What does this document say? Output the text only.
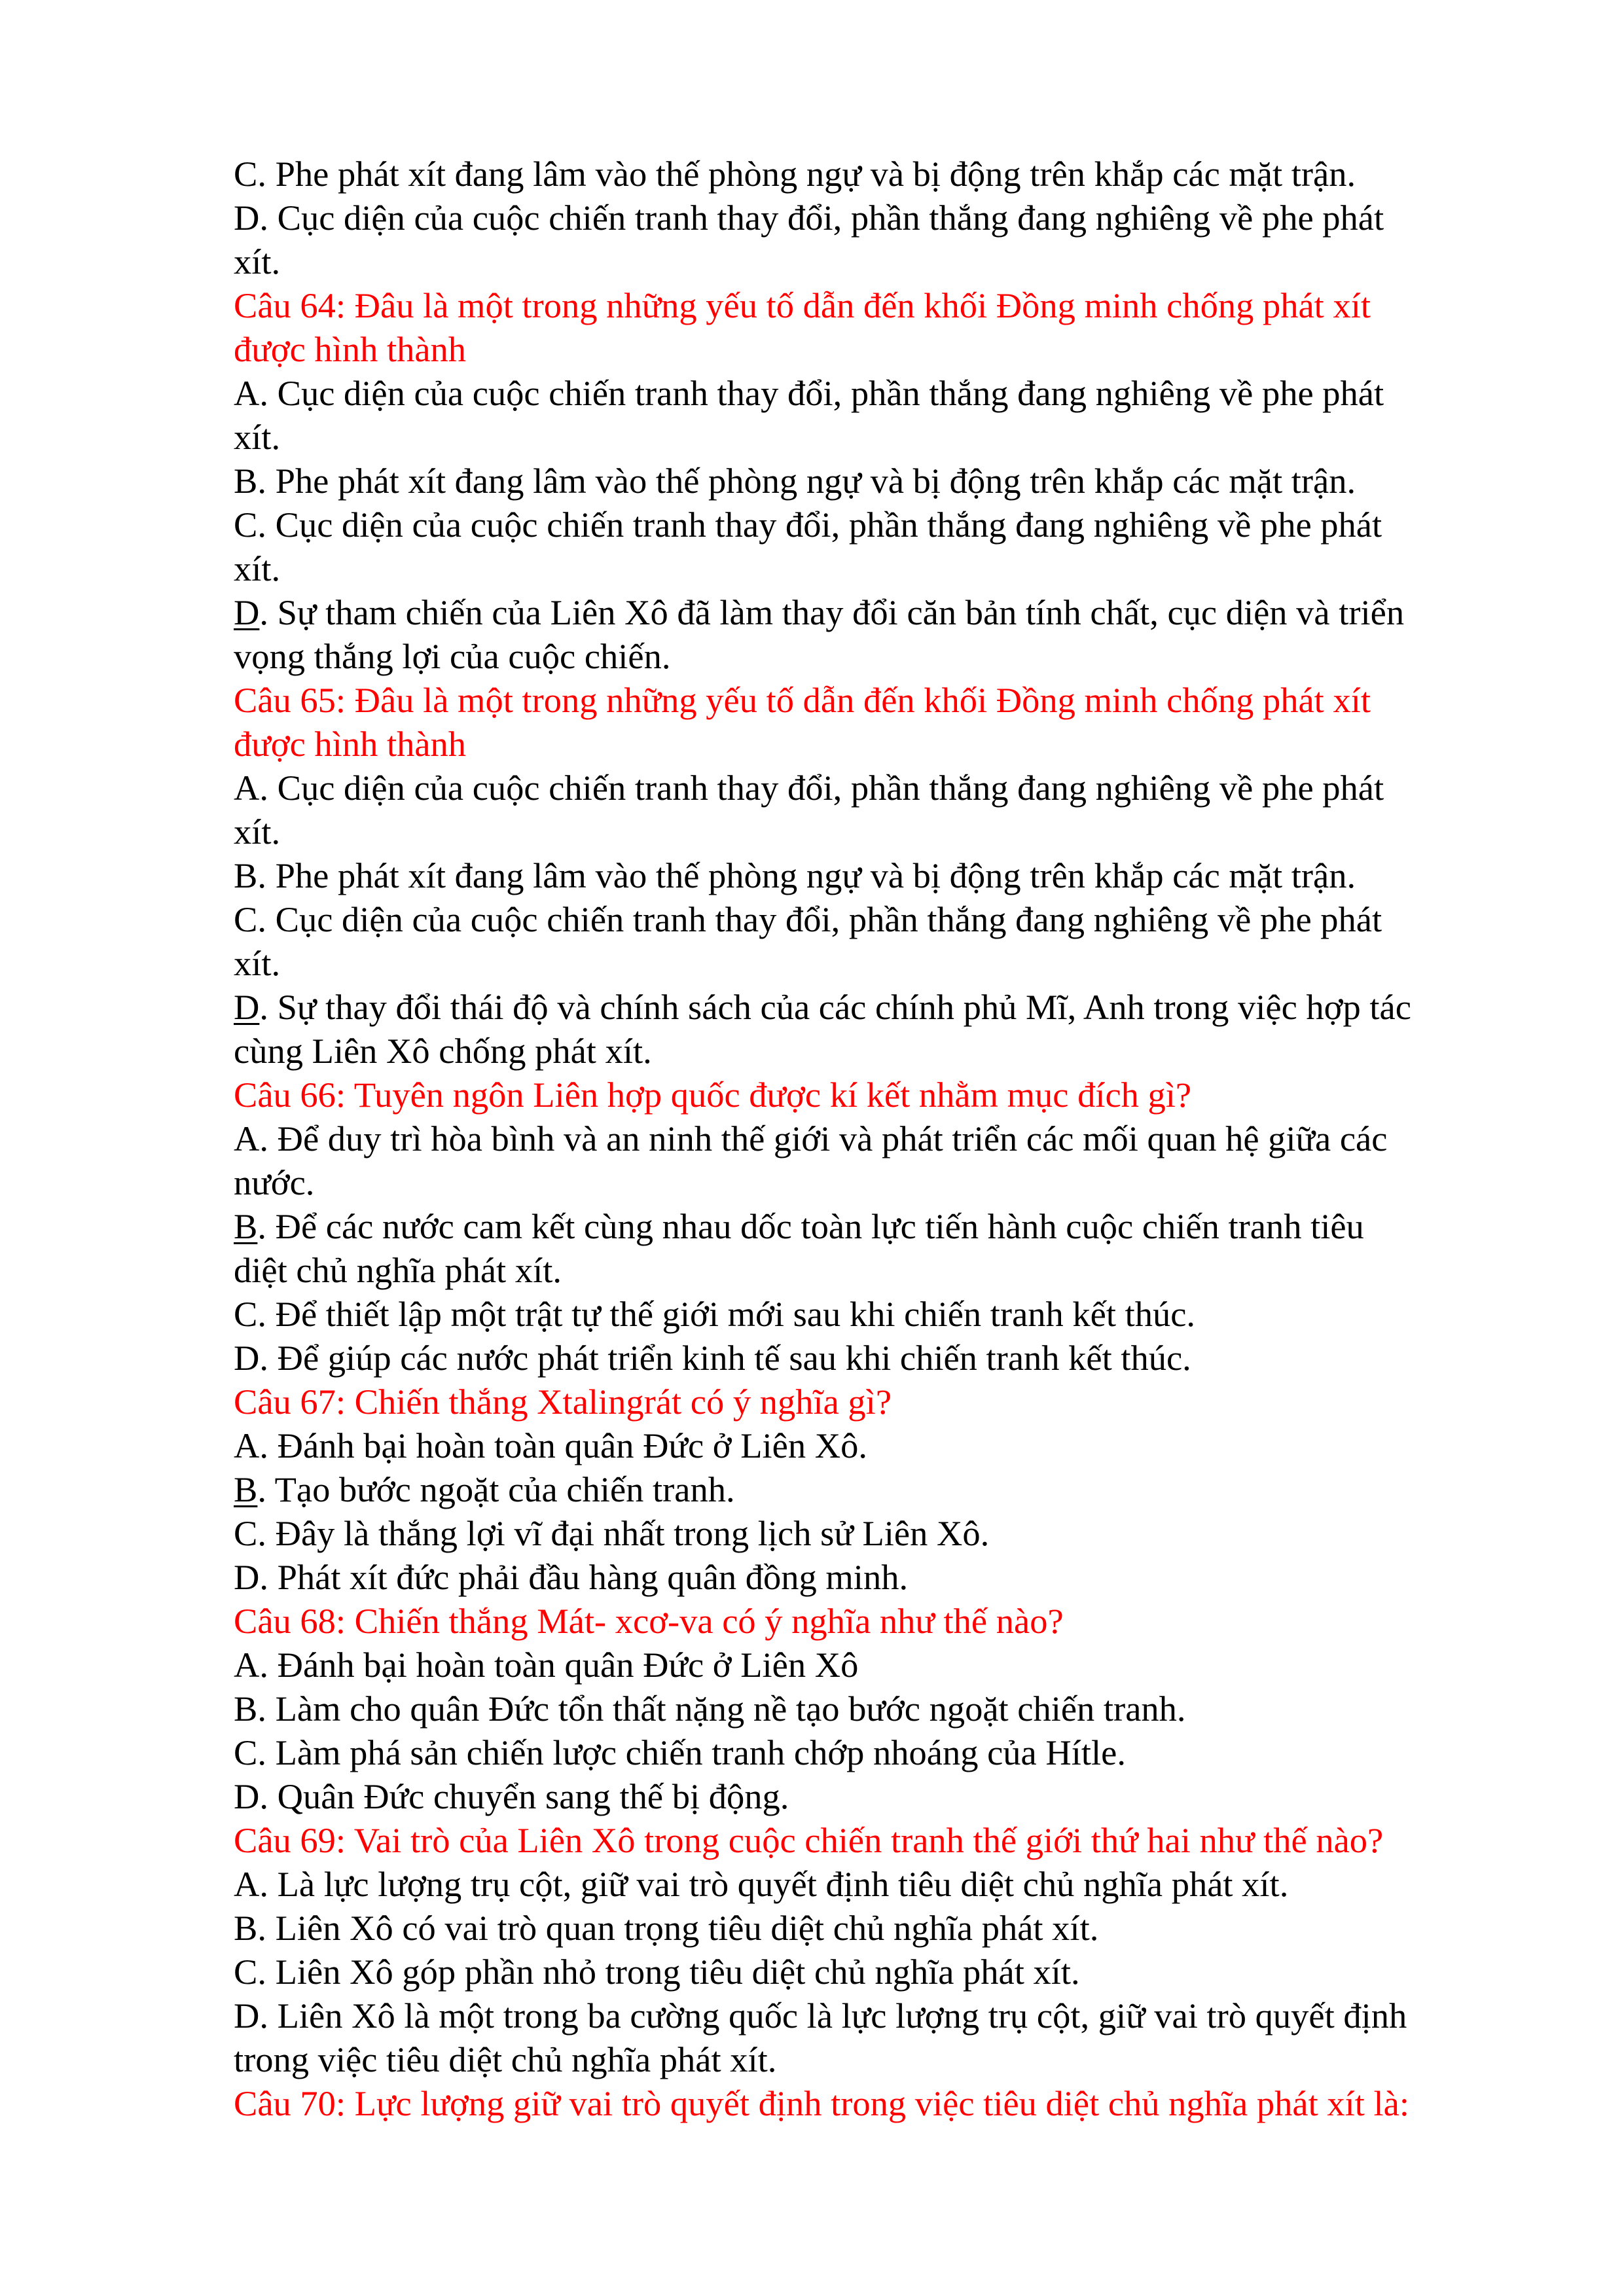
C. Phe phát xít đang lâm vào thế phòng ngự và bị động trên khắp các mặt trận.
D. Cục diện của cuộc chiến tranh thay đổi, phần thắng đang nghiêng về phe phát
xít.
Câu 64: Đâu là một trong những yếu tố dẫn đến khối Đồng minh chống phát xít
được hình thành
A. Cục diện của cuộc chiến tranh thay đổi, phần thắng đang nghiêng về phe phát
xít.
B. Phe phát xít đang lâm vào thế phòng ngự và bị động trên khắp các mặt trận.
C. Cục diện của cuộc chiến tranh thay đổi, phần thắng đang nghiêng về phe phát
xít.
D. Sự tham chiến của Liên Xô đã làm thay đổi căn bản tính chất, cục diện và triển
vọng thắng lợi của cuộc chiến.
Câu 65: Đâu là một trong những yếu tố dẫn đến khối Đồng minh chống phát xít
được hình thành
A. Cục diện của cuộc chiến tranh thay đổi, phần thắng đang nghiêng về phe phát
xít.
B. Phe phát xít đang lâm vào thế phòng ngự và bị động trên khắp các mặt trận.
C. Cục diện của cuộc chiến tranh thay đổi, phần thắng đang nghiêng về phe phát
xít.
D. Sự thay đổi thái độ và chính sách của các chính phủ Mĩ, Anh trong việc hợp tác
cùng Liên Xô chống phát xít.
Câu 66: Tuyên ngôn Liên hợp quốc được kí kết nhằm mục đích gì?
A. Để duy trì hòa bình và an ninh thế giới và phát triển các mối quan hệ giữa các
nước.
B. Để các nước cam kết cùng nhau dốc toàn lực tiến hành cuộc chiến tranh tiêu
diệt chủ nghĩa phát xít.
C. Để thiết lập một trật tự thế giới mới sau khi chiến tranh kết thúc.
D. Để giúp các nước phát triển kinh tế sau khi chiến tranh kết thúc.
Câu 67: Chiến thắng Xtalingrát có ý nghĩa gì?
A. Đánh bại hoàn toàn quân Đức ở Liên Xô.
B. Tạo bước ngoặt của chiến tranh.
C. Đây là thắng lợi vĩ đại nhất trong lịch sử Liên Xô.
D. Phát xít đức phải đầu hàng quân đồng minh.
Câu 68: Chiến thắng Mát- xcơ-va có ý nghĩa như thế nào?
A. Đánh bại hoàn toàn quân Đức ở Liên Xô
B. Làm cho quân Đức tổn thất nặng nề tạo bước ngoặt chiến tranh.
C. Làm phá sản chiến lược chiến tranh chớp nhoáng của Hítle.
D. Quân Đức chuyển sang thế bị động.
Câu 69: Vai trò của Liên Xô trong cuộc chiến tranh thế giới thứ hai như thế nào?
A. Là lực lượng trụ cột, giữ vai trò quyết định tiêu diệt chủ nghĩa phát xít.
B. Liên Xô có vai trò quan trọng tiêu diệt chủ nghĩa phát xít.
C. Liên Xô góp phần nhỏ trong tiêu diệt chủ nghĩa phát xít.
D. Liên Xô là một trong ba cường quốc là lực lượng trụ cột, giữ vai trò quyết định
trong việc tiêu diệt chủ nghĩa phát xít.
Câu 70: Lực lượng giữ vai trò quyết định trong việc tiêu diệt chủ nghĩa phát xít là:
